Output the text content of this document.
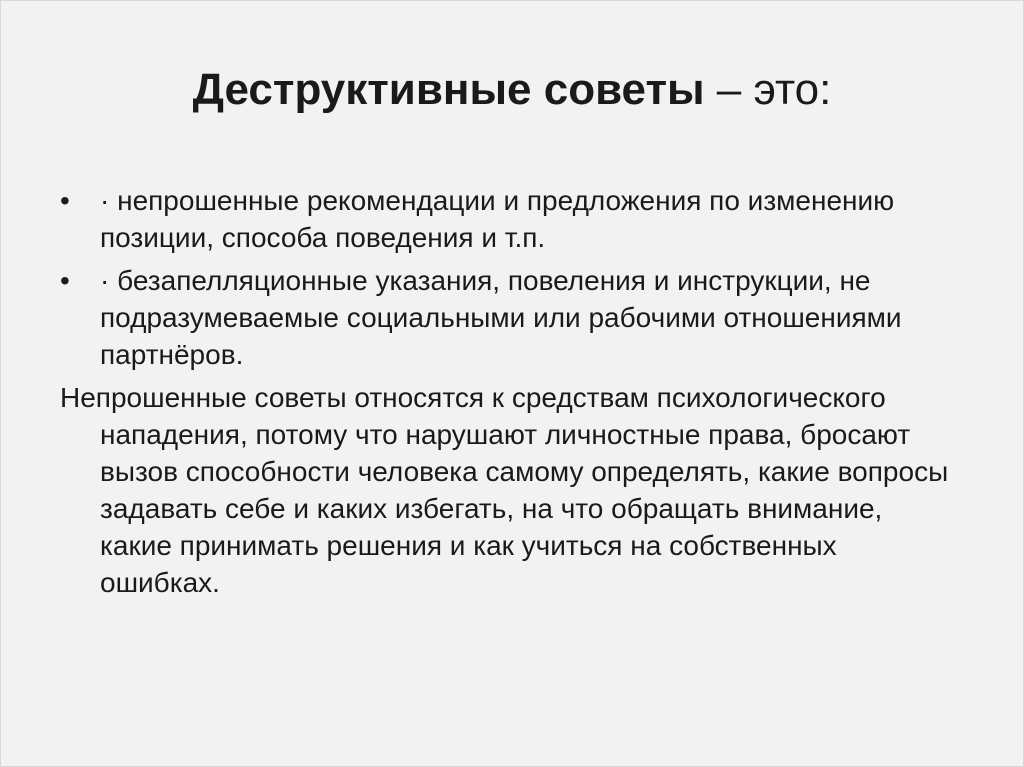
Деструктивные советы – это:
•	· непрошенные рекомендации и предложения по изменению позиции, способа поведения и т.п.
•	· безапелляционные указания, повеления и инструкции, не подразумеваемые социальными или рабочими отношениями партнёров.

Непрошенные советы относятся к средствам психологического нападения, потому что нарушают личностные права, бросают вызов способности человека самому определять, какие вопросы задавать себе и каких избегать, на что обращать внимание, какие принимать решения и как учиться на собственных ошибках.
